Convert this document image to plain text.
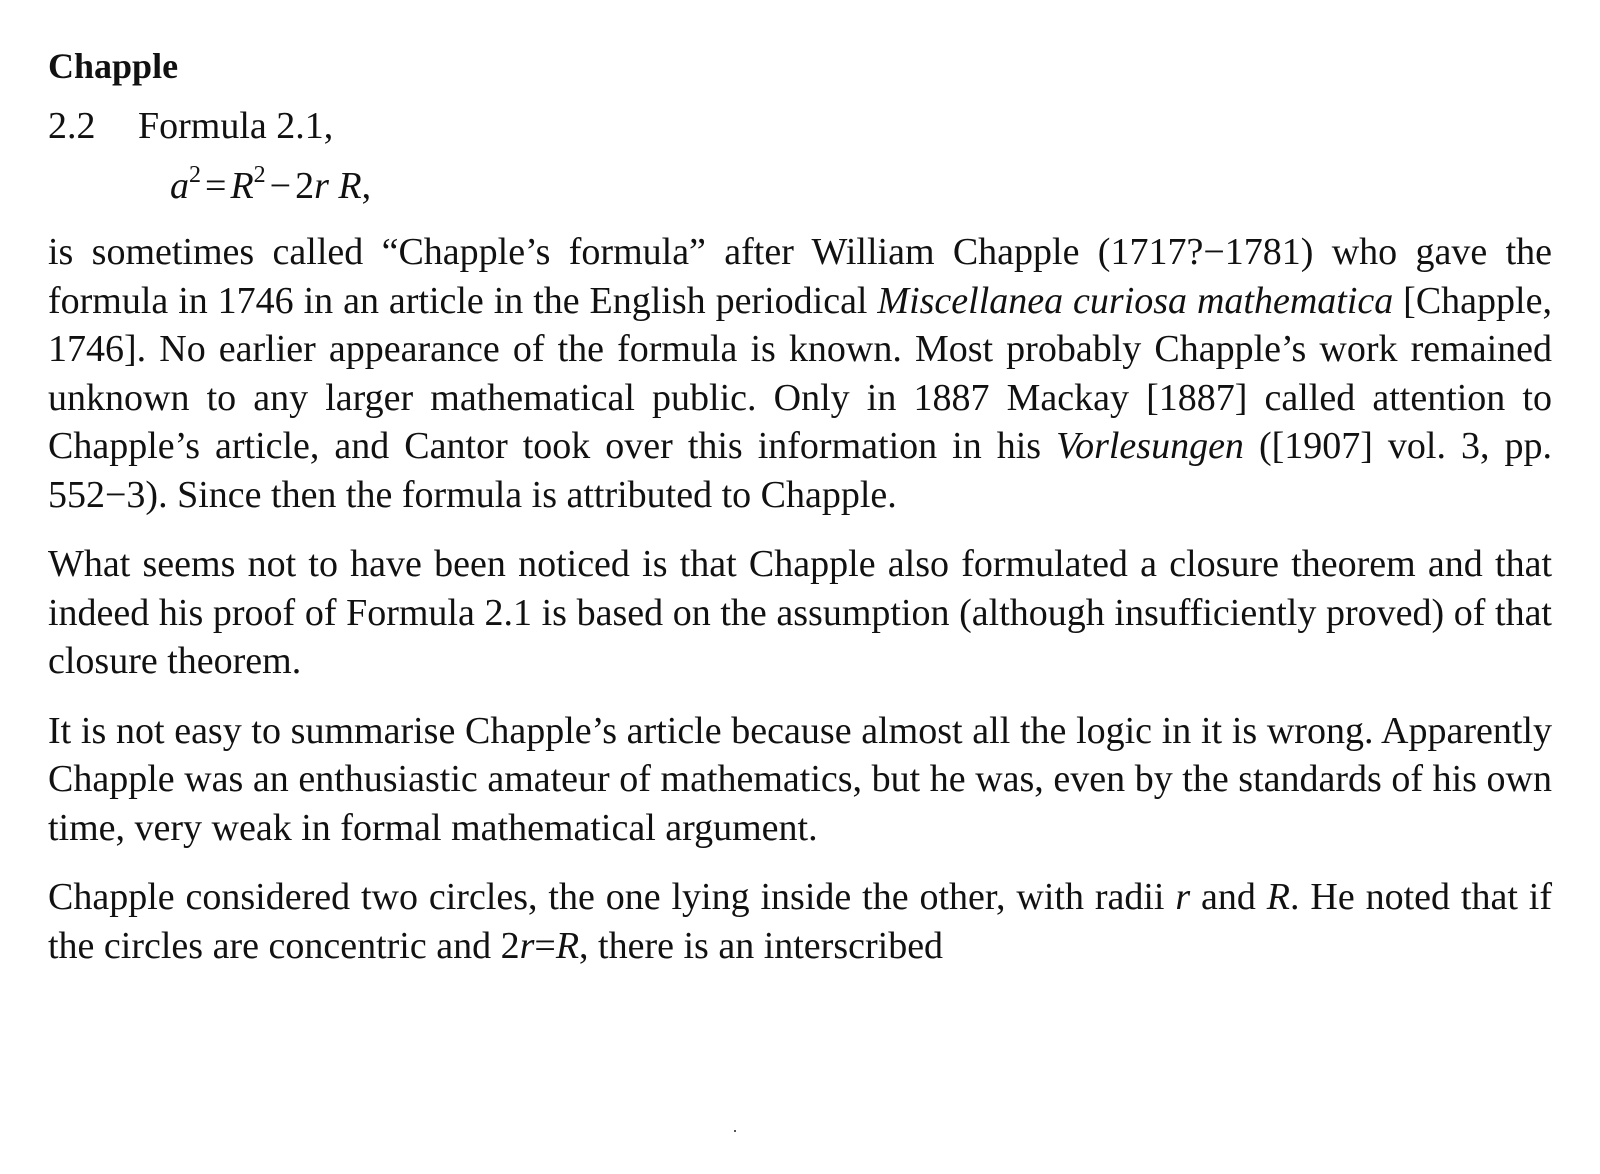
Chapple
2.2 Formula 2.1,
$a^2 = R^2 - 2r$ R,

is sometimes called “Chapple’s formula” after William Chapple (1717?−1781) who gave the formula in 1746 in an article in the English periodical Miscellanea curiosa mathematica [Chapple, 1746]. No earlier appearance of the formula is known. Most probably Chapple’s work remained unknown to any larger mathematical public. Only in 1887 Mackay [1887] called attention to Chapple’s article, and Cantor took over this information in his Vorlesungen ([1907] vol. 3, pp. 552−3). Since then the formula is attributed to Chapple.

What seems not to have been noticed is that Chapple also formulated a closure theorem and that indeed his proof of Formula 2.1 is based on the assumption (although insufficiently proved) of that closure theorem.

It is not easy to summarise Chapple’s article because almost all the logic in it is wrong. Apparently Chapple was an enthusiastic amateur of mathematics, but he was, even by the standards of his own time, very weak in formal mathematical argument.

Chapple considered two circles, the one lying inside the other, with radii r and R. He noted that if the circles are concentric and 2r=R, there is an interscribed
